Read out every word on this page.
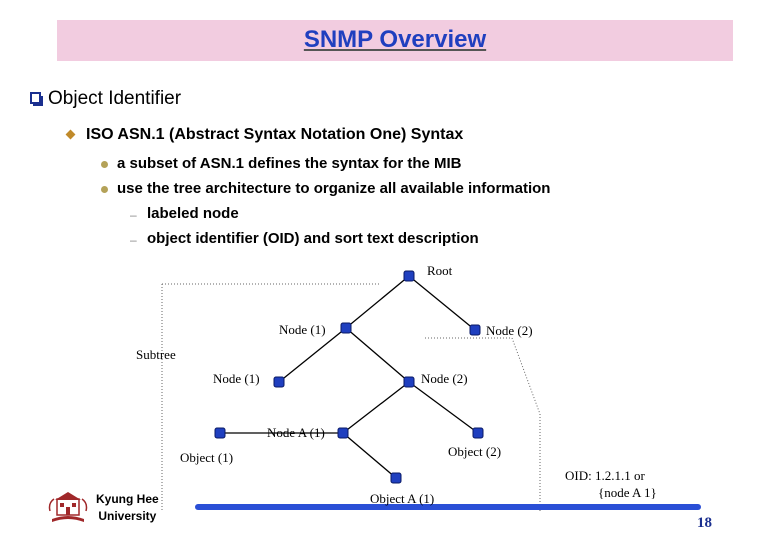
SNMP Overview
Object Identifier
ISO ASN.1 (Abstract Syntax Notation One) Syntax
a subset of ASN.1 defines the syntax for the MIB
use the tree architecture to organize all available information
– labeled node
– object identifier (OID) and sort text description
Root
Node (1)	Node (2)
Subtree
Node (1)	Node (2)
Node A (1)
Object (2)
Object (1)
Object A (1)
OID: 1.2.1.1 or
{node A 1}
Kyung Hee
University	18
